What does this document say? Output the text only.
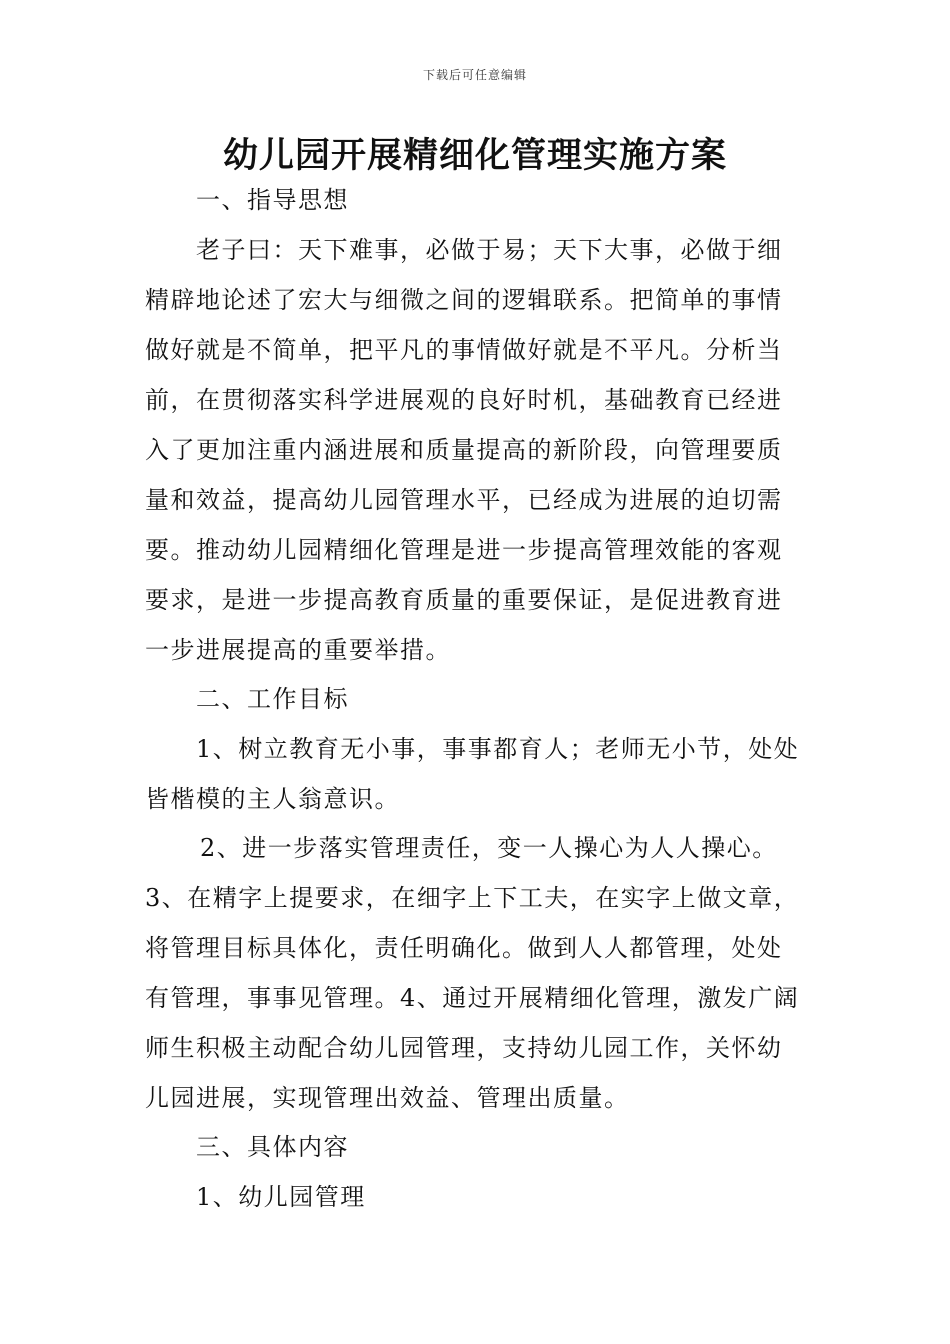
下载后可任意编辑
幼儿园开展精细化管理实施方案
一、指导思想
老子曰：天下难事，必做于易；天下大事，必做于细
精辟地论述了宏大与细微之间的逻辑联系。把简单的事情
做好就是不简单，把平凡的事情做好就是不平凡。分析当
前，在贯彻落实科学进展观的良好时机，基础教育已经进
入了更加注重内涵进展和质量提高的新阶段，向管理要质
量和效益，提高幼儿园管理水平，已经成为进展的迫切需
要。推动幼儿园精细化管理是进一步提高管理效能的客观
要求，是进一步提高教育质量的重要保证，是促进教育进
一步进展提高的重要举措。
二、工作目标
1、树立教育无小事，事事都育人；老师无小节，处处
皆楷模的主人翁意识。
2、进一步落实管理责任，变一人操心为人人操心。
3、在精字上提要求，在细字上下工夫，在实字上做文章，
将管理目标具体化，责任明确化。做到人人都管理，处处
有管理，事事见管理。4、通过开展精细化管理，激发广阔
师生积极主动配合幼儿园管理，支持幼儿园工作，关怀幼
儿园进展，实现管理出效益、管理出质量。
三、具体内容
1、幼儿园管理
